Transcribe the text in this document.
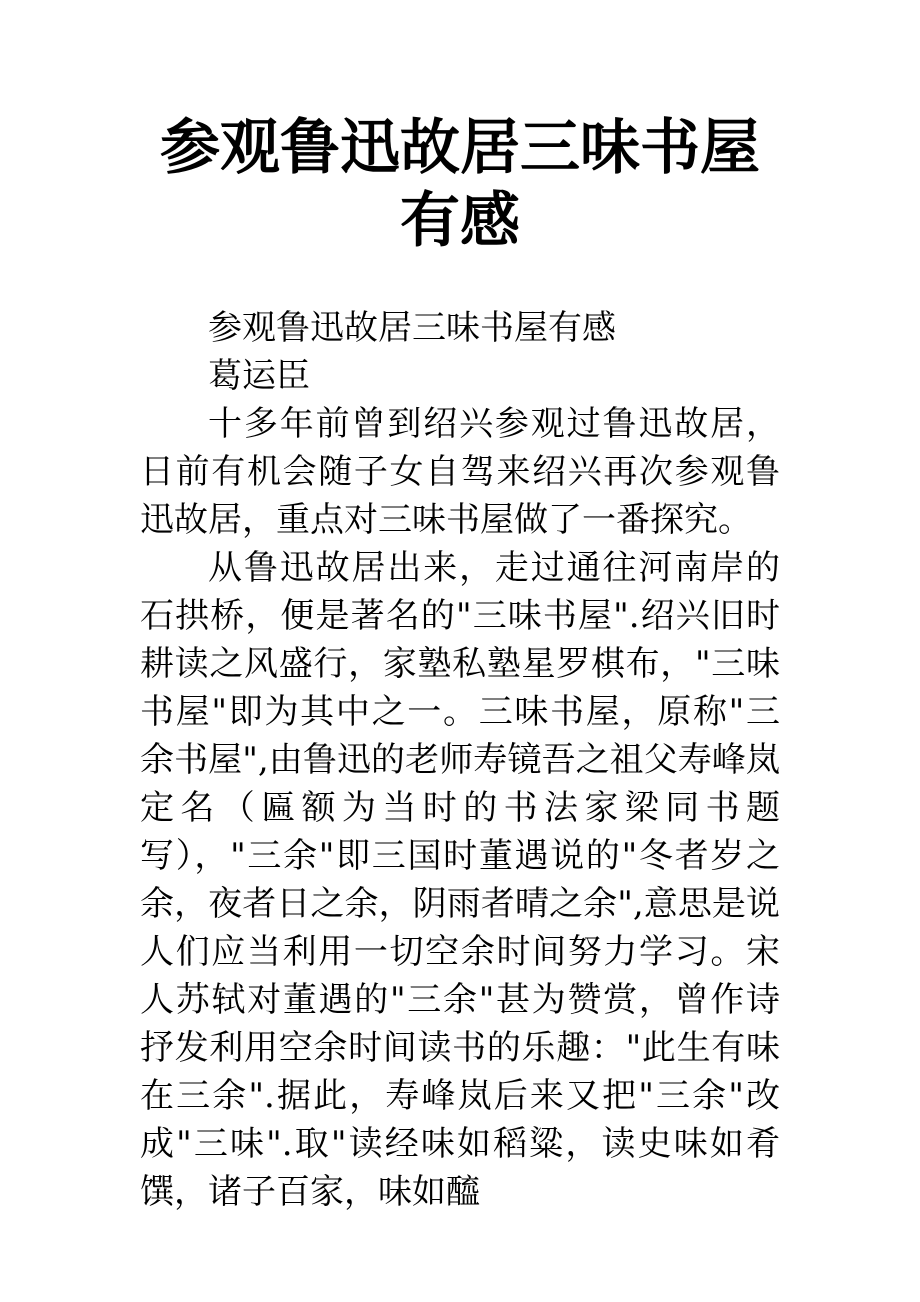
参观鲁迅故居三味书屋有感

参观鲁迅故居三味书屋有感

葛运臣

十多年前曾到绍兴参观过鲁迅故居，日前有机会随子女自驾来绍兴再次参观鲁迅故居，重点对三味书屋做了一番探究。

从鲁迅故居出来，走过通往河南岸的石拱桥，便是著名的"三味书屋".绍兴旧时耕读之风盛行，家塾私塾星罗棋布，"三味书屋"即为其中之一。三味书屋，原称"三余书屋",由鲁迅的老师寿镜吾之祖父寿峰岚定名（匾额为当时的书法家梁同书题写），"三余"即三国时董遇说的"冬者岁之余，夜者日之余，阴雨者晴之余",意思是说人们应当利用一切空余时间努力学习。宋人苏轼对董遇的"三余"甚为赞赏，曾作诗抒发利用空余时间读书的乐趣："此生有味在三余".据此，寿峰岚后来又把"三余"改成"三味".取"读经味如稻粱，读史味如肴馔，诸子百家，味如醯
